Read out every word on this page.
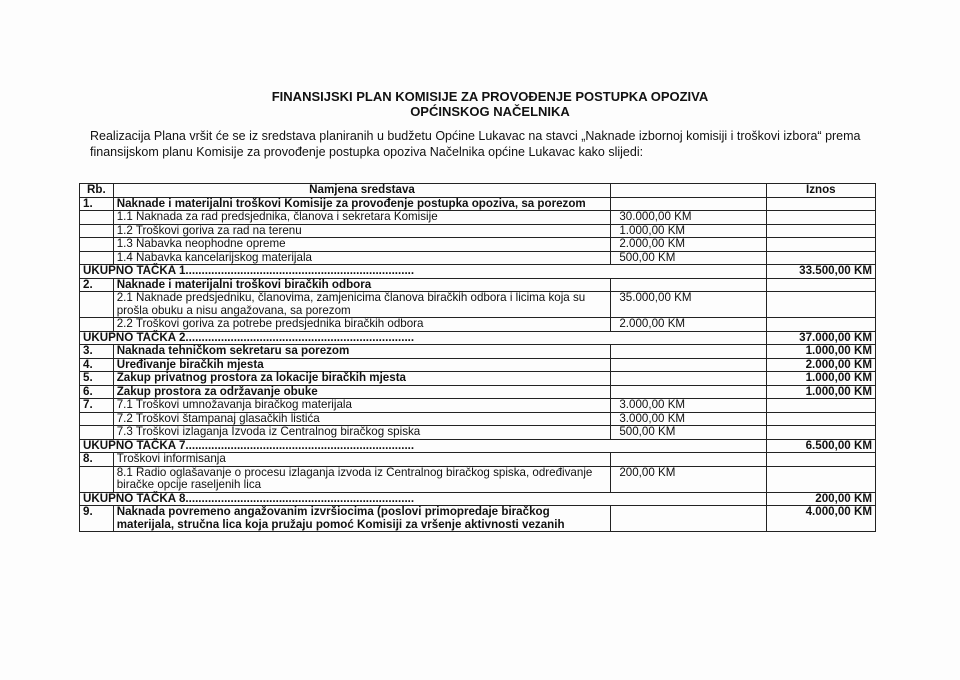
FINANSIJSKI PLAN KOMISIJE ZA PROVOĐENJE POSTUPKA OPOZIVA
OPĆINSKOG NAČELNIKA
Realizacija Plana vršit će se iz sredstava planiranih u budžetu Općine Lukavac na stavci „Naknade izbornoj komisiji i troškovi izbora“ prema finansijskom planu Komisije za provođenje postupka opoziva Načelnika općine Lukavac kako slijedi:
Rb.	Namjena sredstava		Iznos
1.	Naknade i materijalni troškovi Komisije za provođenje postupka opoziva, sa porezom		
	1.1 Naknada za rad predsjednika, članova i sekretara Komisije	30.000,00 KM	
	1.2 Troškovi goriva za rad na terenu	1.000,00 KM	
	1.3 Nabavka neophodne opreme	2.000,00 KM	
	1.4 Nabavka kancelarijskog materijala	500,00 KM	
UKUPNO TAČKA 1.......................................................................			33.500,00 KM
2.	Naknade i materijalni troškovi biračkih odbora		
	2.1 Naknade predsjedniku, članovima, zamjenicima članova biračkih odbora i licima koja su prošla obuku a nisu angažovana, sa porezom	35.000,00 KM	
	2.2 Troškovi goriva za potrebe predsjednika biračkih odbora	2.000,00 KM	
UKUPNO TAČKA 2.......................................................................			37.000,00 KM
3.	Naknada tehničkom sekretaru sa porezom		1.000,00 KM
4.	Uređivanje biračkih mjesta		2.000,00 KM
5.	Zakup privatnog prostora za lokacije biračkih mjesta		1.000,00 KM
6.	Zakup prostora za održavanje obuke		1.000,00 KM
7.	7.1 Troškovi umnožavanja biračkog materijala	3.000,00 KM	
	7.2 Troškovi štampanaj glasačkih listića	3.000,00 KM	
	7.3 Troškovi izlaganja Izvoda iz Centralnog biračkog spiska	500,00 KM	
UKUPNO TAČKA 7.......................................................................			6.500,00 KM
8.	Troškovi informisanja		
	8.1 Radio oglašavanje o procesu izlaganja izvoda iz Centralnog biračkog spiska, određivanje biračke opcije raseljenih lica	200,00 KM	
UKUPNO TAČKA 8.......................................................................			200,00 KM
9.	Naknada povremeno angažovanim izvršiocima (poslovi primopredaje biračkog materijala, stručna lica koja pružaju pomoć Komisiji za vršenje aktivnosti vezanih		4.000,00 KM
